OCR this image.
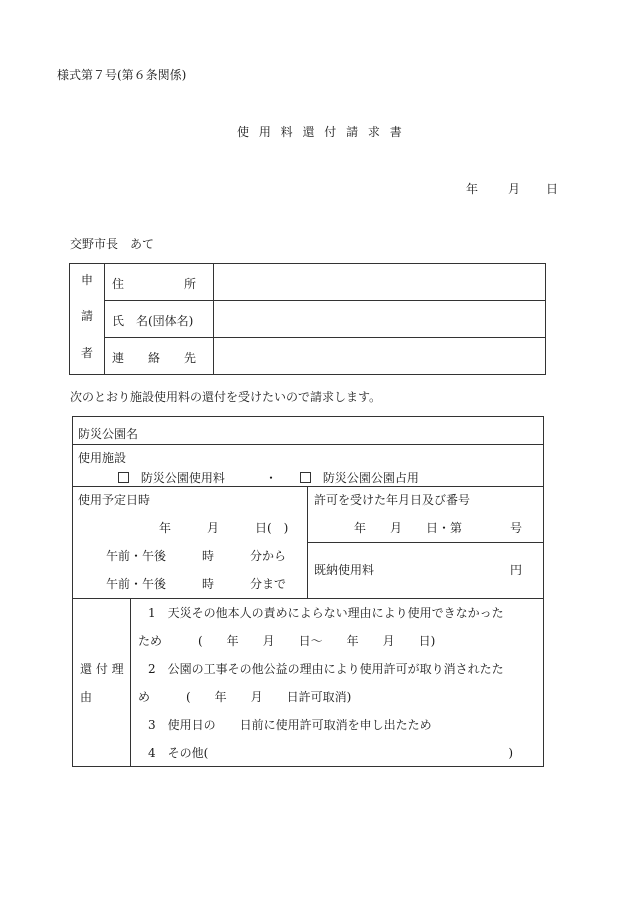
様式第７号(第６条関係)
使 用 料 還 付 請 求 書
年 月 日
交野市長　あて
申
請
者
住　　　　　所
氏　名(団体名)
連　　絡　　先
次のとおり施設使用料の還付を受けたいので請求します。
防災公園名
使用施設
防災公園使用料	・	防災公園公園占用
使用予定日時
年　　　月　　　日(　)
午前・午後　　　時　　　分から
午前・午後　　　時　　　分まで
許可を受けた年月日及び番号
年　　月　　日・第　　　　号
既納使用料	円
還 付 理
由
1　天災その他本人の責めによらない理由により使用できなかった
ため　　　(　　年　　月　　日〜　　年　　月　　日)
2　公園の工事その他公益の理由により使用許可が取り消されたた
め　　　(　　年　　月　　日許可取消)
3　使用日の　　日前に使用許可取消を申し出たため
4　その他(　　　　　　　　　　　　　　　　　　　　　　　　　)
